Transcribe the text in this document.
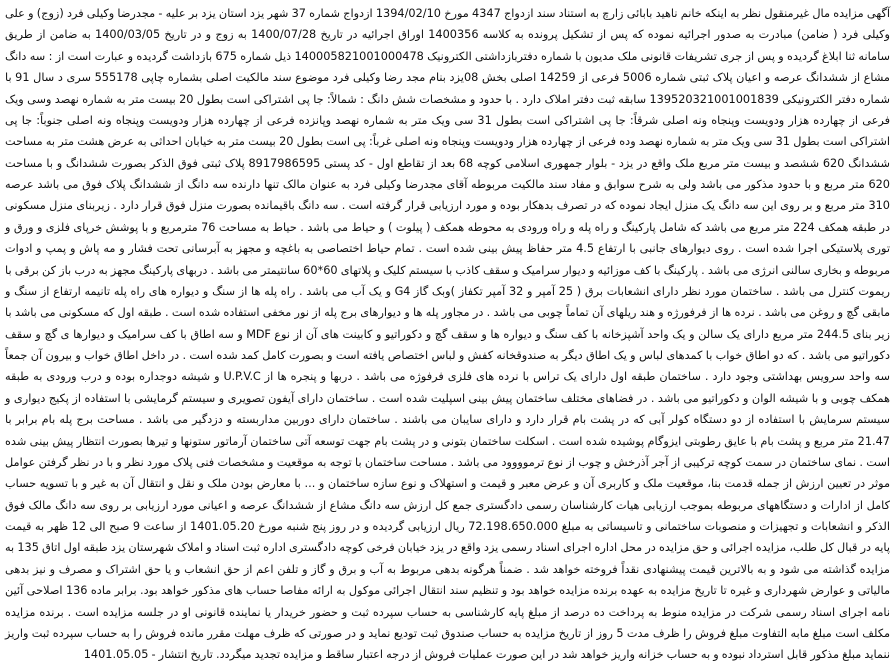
آگهی مزایده مال غیرمنقول نظر به اینکه خانم ناهید بابائی زارچ به استناد سند ازدواج 4347 مورخ 1394/02/10 ازدواج شماره 37 شهر یزد استان یزد بر علیه - مجدرضا وکیلی فرد (زوج) و علی وکیلی فرد ( ضامن) مبادرت به صدور اجرائیه نموده که پس از تشکیل پرونده به کلاسه 1400356 اوراق اجرائیه در تاریخ 1400/07/28 به زوج و در تاریخ 1400/03/05 به ضامن از طریق سامانه ثنا ابلاغ گردیده و پس از جری تشریفات قانونی ملک مدیون با شماره دفتربازداشتی الکترونیک 140005821001000478 ذیل شماره 675 بازداشت گردیده و عبارت است از : سه دانگ مشاع از ششدانگ عرصه و اعیان پلاک ثبتی شماره 5006 فرعی از 14259 اصلی بخش 08یزد بنام مجد رضا وکیلی فرد موضوع سند مالکیت اصلی بشماره چاپی 555178 سری د سال 91 با شماره دفتر الکترونیکی 139520321001001839 سابقه ثبت دفتر املاک دارد . با حدود و مشخصات شش دانگ : شمالاً: جا پی اشتراکی است بطول 20 بیست متر به شماره نهصد وسی ویک فرعی از چهارده هزار ودویست وپنجاه ونه اصلی شرقاً: جا پی اشتراکی است بطول 31 سی ویک متر به شماره نهصد وپانزده فرعی از چهارده هزار ودویست وپنجاه ونه اصلی جنوباً: جا پی اشتراکی است بطول 31 سی ویک متر به شماره نهصد وده فرعی از چهارده هزار ودویست وپنجاه ونه اصلی غرباً: پی است بطول 20 بیست متر به خیابان احداثی به عرض هشت متر به مساحت ششدانگ 620 ششصد و بیست متر مربع ملک واقع در یزد - بلوار جمهوری اسلامی کوچه 68 بعد از تقاطع اول - کد پستی 8917986595 پلاک ثبتی فوق الذکر بصورت ششدانگ و با مساحت 620 متر مربع و با حدود مذکور می باشد ولی به شرح سوابق و مفاد سند مالکیت مربوطه آقای مجدرضا وکیلی فرد به عنوان مالک تنها دارنده سه دانگ از ششدانگ پلاک فوق می باشد عرصه 310 متر مربع و بر روی این سه دانگ یک منزل ایجاد نموده که در تصرف بدهکار بوده و مورد ارزیابی قرار گرفته است . سه دانگ باقیمانده بصورت منزل فوق قرار دارد . زیربنای منزل مسکونی در طبقه همکف 224 متر مربع می باشد که شامل پارکینگ و راه پله و راه ورودی به محوطه همکف ( پیلوت ) و حیاط می باشد . حیاط به مساحت 76 مترمربع و با پوشش خرپای فلزی و ورق و توری پلاستیکی اجرا شده است . روی دیوارهای جانبی با ارتفاع 4.5 متر حفاظ پیش بینی شده است . تمام حیاط اختصاصی به باغچه و مجهز به آبرسانی تحت فشار و مه پاش و پمپ و ادوات مربوطه و بخاری سالنی انرژی می باشد . پارکینگ با کف موزائیه و دیوار سرامیک و سقف کاذب با سیستم کلیک و پلاتهای 60*60 سانتیمتر می باشد . دربهای پارکینگ مجهز به درب باز کن برقی با ریموت کنترل می باشد . ساختمان مورد نظر دارای انشعابات برق ( 25 آمپر و 32 آمپر تکفاز )وبک گاز G4 و یک آب می باشد . راه پله ها از سنگ و دیواره های راه پله تانیمه ارتفاع از سنگ و مابقی گچ و روغن می باشد . نرده ها از فرفورژه و هند ریلهای آن تماماً چوبی می باشد . در مجاور پله ها و دیوارهای برج پله از نور مخفی استفاده شده است . طبقه اول که مسکونی می باشد با زیر بنای 244.5 متر مربع دارای یک سالن و یک واحد آشپزخانه با کف سنگ و دیواره ها و سقف گچ و دکوراتیو و کابینت های آن از نوع MDF و سه اطاق با کف سرامیک و دیوارها ی گچ و سقف دکوراتیو می باشد . که دو اطاق خواب با کمدهای لباس و یک اطاق دیگر به صندوقخانه کفش و لباس اختصاص یافته است و بصورت کامل کمد شده است . در داخل اطاق خواب و بیرون آن جمعاً سه واحد سرویس بهداشتی وجود دارد . ساختمان طبقه اول دارای یک تراس با نرده های فلزی فرفوژه می باشد . دربها و پنجره ها از U.P.V.C و شیشه دوجداره بوده و درب ورودی به طبقه همکف چوبی و با شیشه الوان و دکوراتیو می باشد . در فضاهای مختلف ساختمان پیش بینی اسپلیت شده است . ساختمان دارای آیفون تصویری و سیستم گرمایشی با استفاده از پکیج دیواری و سیستم سرمایش با استفاده از دو دستگاه کولر آبی که در پشت بام قرار دارد و دارای سایبان می باشند . ساختمان دارای دوربین مداربسته و دزدگیر می باشد . مساحت برج پله بام برابر با 21.47 متر مربع و پشت بام با عایق رطوبتی ایزوگام پوشیده شده است . اسکلت ساختمان بتونی و در پشت بام جهت توسعه آتی ساختمان آرماتور ستونها و تیرها بصورت انتظار پیش بینی شده است . نمای ساختمان در سمت کوچه ترکیبی از آجر آذرخش و چوب از نوع ترموووود می باشد . مساحت ساختمان با توجه به موقعیت و مشخصات فنی پلاک مورد نظر و با در نظر گرفتن عوامل موثر در تعیین ارزش از جمله قدمت بنا، موقعیت ملک و کاربری آن و عرض معبر و قیمت و استهلاک و نوع سازه ساختمان و ... با معارض بودن ملک و نقل و انتقال آن به غیر و با تسویه حساب کامل از ادارات و دستگاههای مربوطه بموجب ارزیابی هیات کارشناسان رسمی دادگستری جمع کل ارزش سه دانگ مشاع از ششدانگ عرصه و اعیانی مورد ارزیابی بر روی سه دانگ مالک فوق الذکر و انشعابات و تجهیزات و منصوبات ساختمانی و تاسیساتی به مبلغ 72.198.650.000 ریال ارزیابی گردیده و در روز پنج شنبه مورخ 1401.05.20 از ساعت 9 صبح الی 12 ظهر به قیمت پایه در قبال کل طلب، مزایده اجرائی و حق مزایده در محل اداره اجرای اسناد رسمی یزد واقع در یزد خیابان فرخی کوچه دادگستری اداره ثبت اسناد و املاک شهرستان یزد طبقه اول اتاق 135 به مزایده گذاشته می شود و به بالاترین قیمت پیشنهادی نقداً فروخته خواهد شد . ضمناً هرگونه بدهی مربوط به آب و برق و گاز و تلفن اعم از حق انشعاب و یا حق اشتراک و مصرف و نیز بدهی مالیاتی و عوارض شهرداری و غیره تا تاریخ مزایده به عهده برنده مزایده خواهد بود و تنظیم سند انتقال اجرائی موکول به ارائه مفاصا حساب های مذکور خواهد بود. برابر ماده 136 اصلاحی آئین نامه اجرای اسناد رسمی شرکت در مزایده منوط به پرداخت ده درصد از مبلغ پایه کارشناسی به حساب سپرده ثبت و حضور خریدار یا نماینده قانونی او در جلسه مزایده است . برنده مزایده مکلف است مبلغ مابه التفاوت مبلغ فروش را ظرف مدت 5 روز از تاریخ مزایده به حساب صندوق ثبت تودیع نماید و در صورتی که ظرف مهلت مقرر مانده فروش را به حساب سپرده ثبت واریز ننماید مبلغ مذکور قابل استرداد نبوده و به حساب خزانه واریز خواهد شد در این صورت عملیات فروش از درجه اعتبار ساقط و مزایده تجدید میگردد. تاریخ انتشار - 1401.05.05
